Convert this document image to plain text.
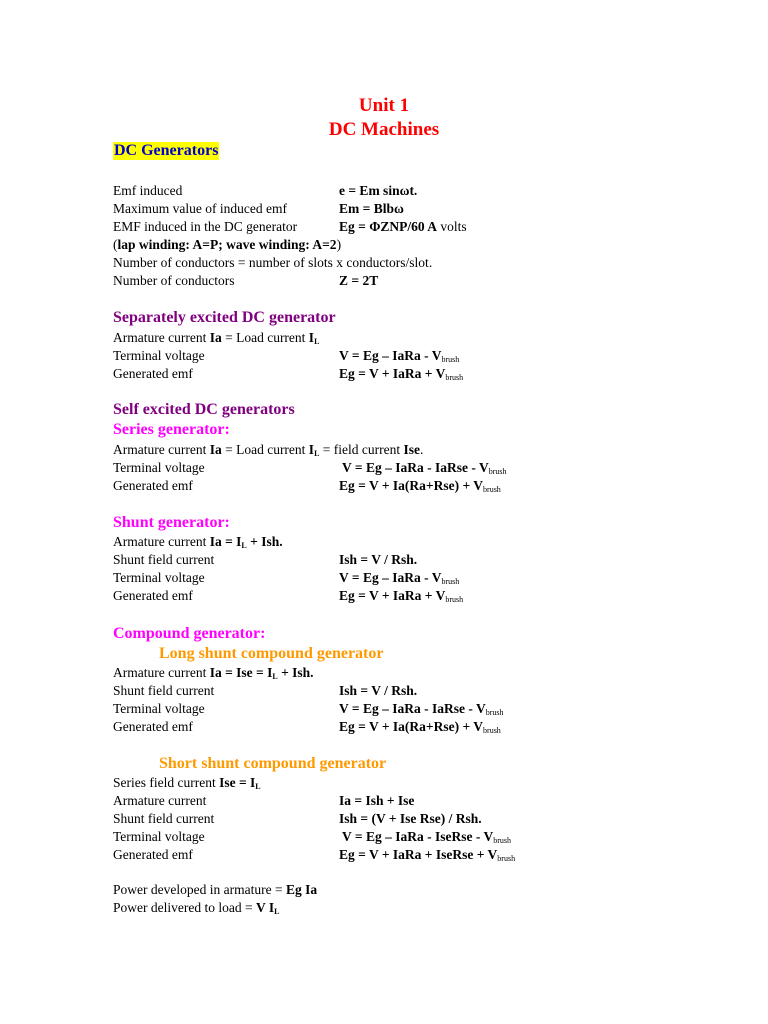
Unit 1
DC Machines
DC Generators
Emf induced	e = Em sinωt.
Maximum value of induced emf	Em = Blbω
EMF induced in the DC generator	Eg = ΦZNP/60 A volts
(lap winding: A=P; wave winding: A=2)
Number of conductors = number of slots x conductors/slot.
Number of conductors	Z = 2T
Separately excited DC generator
Armature current Ia = Load current $I_L$
Terminal voltage	V = Eg – IaRa - $V_{brush}$
Generated emf	Eg = V + IaRa + $V_{brush}$
Self excited DC generators
Series generator:
Armature current Ia = Load current $I_L$ = field current Ise.
Terminal voltage	V = Eg – IaRa - IaRse - $V_{brush}$
Generated emf	$Eg = V + Ia(Ra+Rse) + V_{brush}$
Shunt generator:
Armature current $Ia = I_L$ + Ish.
Shunt field current	Ish = V / Rsh.
Terminal voltage	V = Eg – IaRa - $V_{brush}$
Generated emf	Eg = V + IaRa + $V_{brush}$
Compound generator:
Long shunt compound generator
Armature current Ia = Ise = $I_L$ + Ish.
Shunt field current	Ish = V / Rsh.
Terminal voltage	V = Eg – IaRa - IaRse - $V_{brush}$
Generated emf	$Eg = V + Ia(Ra+Rse) + V_{brush}$
Short shunt compound generator
Series field current Ise = $I_L$
Armature current	Ia = Ish + Ise
Shunt field current	Ish = (V + Ise Rse) / Rsh.
Terminal voltage	V = Eg – IaRa - IseRse - $V_{brush}$
Generated emf	Eg = V + IaRa + IseRse + $V_{brush}$
Power developed in armature = Eg Ia
Power delivered to load = V $I_L$
